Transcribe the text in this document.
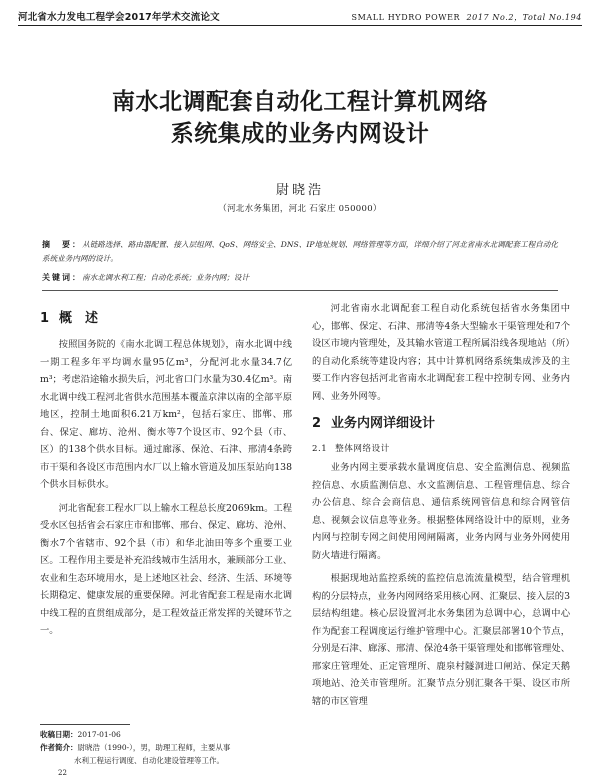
河北省水力发电工程学会2017年学术交流论文	SMALL HYDRO POWER 2017 No.2，Total No.194
南水北调配套自动化工程计算机网络
系统集成的业务内网设计
尉晓浩
（河北水务集团，河北 石家庄 050000）
摘　要：从链路选择、路由器配置、接入层组网、QoS、网络安全、DNS、IP地址规划、网络管理等方面，详细介绍了河北省南水北调配套工程自动化系统业务内网的设计。
关键词：南水北调水利工程；自动化系统；业务内网；设计
1 概　述

按照国务院的《南水北调工程总体规划》，南水北调中线一期工程多年平均调水量95亿m³，分配河北水量34.7亿m³；考虑沿途输水损失后，河北省口门水量为30.4亿m³。南水北调中线工程河北省供水范围基本覆盖京津以南的全部平原地区，控制土地面积6.21万km²，包括石家庄、邯郸、邢台、保定、廊坊、沧州、衡水等7个设区市、92个县（市、区）的138个供水目标。通过廊涿、保沧、石津、邢清4条跨市干渠和各设区市范围内水厂以上输水管道及加压泵站向138个供水目标供水。

河北省配套工程水厂以上输水工程总长度2069km。工程受水区包括省会石家庄市和邯郸、邢台、保定、廊坊、沧州、衡水7个省辖市、92个县（市）和华北油田等多个重要工业区。工程作用主要是补充沿线城市生活用水，兼顾部分工业、农业和生态环境用水，是上述地区社会、经济、生活、环境等长期稳定、健康发展的重要保障。河北省配套工程是南水北调中线工程的直贯组成部分，是工程效益正常发挥的关键环节之一。

河北省南水北调配套工程自动化系统包括省水务集团中心，邯郸、保定、石津、邢清等4条大型输水干渠管理处和7个设区市境内管理处，及其输水管道工程所属沿线各现地站（所）的自动化系统等建设内容；其中计算机网络系统集成涉及的主要工作内容包括河北省南水北调配套工程中控制专网、业务内网、业务外网等。

2 业务内网详细设计
2.1 整体网络设计

业务内网主要承载水量调度信息、安全监测信息、视频监控信息、水质监测信息、水文监测信息、工程管理信息、综合办公信息、综合会商信息、通信系统网管信息和综合网管信息、视频会议信息等业务。根据整体网络设计中的原则，业务内网与控制专网之间使用网闸隔离，业务内网与业务外网使用防火墙进行隔离。

根据现地站监控系统的监控信息流流量模型，结合管理机构的分层特点，业务内网网络采用核心网、汇聚层、接入层的3层结构组建。核心层设置河北水务集团为总调中心，总调中心作为配套工程调度运行维护管理中心。汇聚层部署10个节点，分别是石津、廊涿、邢清、保沧4条干渠管理处和邯郸管理处、邢家庄管理处、正定管理所、鹿泉村隧洞进口闸站、保定天鹅项地站、沧关市管理所。汇聚节点分别汇聚各干渠、设区市所辖的市区管理

收稿日期：2017-01-06
作者简介：尉晓浩（1990-），男，助理工程师，主要从事
水利工程运行调度、自动化建设管理等工作。
22
